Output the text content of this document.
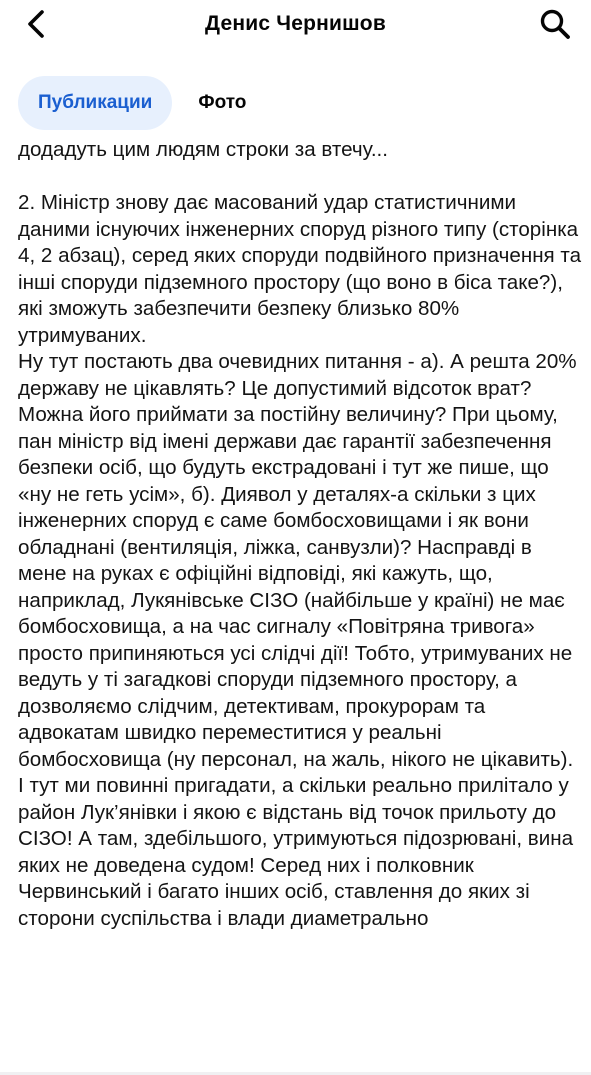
Денис Чернишов
Публикации	Фото
додадуть цим людям строки за втечу...

2. Міністр знову дає масований удар статистичними даними існуючих інженерних споруд різного типу (сторінка 4, 2 абзац), серед яких споруди подвійного призначення та інші споруди підземного простору (що воно в біса таке?), які зможуть забезпечити безпеку близько 80% утримуваних.
Ну тут постають два очевидних питання - а). А решта 20% державу не цікавлять? Це допустимий відсоток врат? Можна його приймати за постійну величину? При цьому, пан міністр від імені держави дає гарантії забезпечення безпеки осіб, що будуть екстрадовані і тут же пише, що «ну не геть усім», б). Диявол у деталях-а скільки з цих інженерних споруд є саме бомбосховищами і як вони обладнані (вентиляція, ліжка, санвузли)? Насправді в мене на руках є офіційні відповіді, які кажуть, що, наприклад, Лукянівське СІЗО (найбільше у країні) не має бомбосховища, а на час сигналу «Повітряна тривога» просто припиняються усі слідчі дії! Тобто, утримуваних не ведуть у ті загадкові споруди підземного простору, а дозволяємо слідчим, детективам, прокурорам та адвокатам швидко переместитися у реальні бомбосховища (ну персонал, на жаль, нікого не цікавить). І тут ми повинні пригадати, а скільки реально прилітало у район Лук’янівки і якою є відстань від точок прильоту до СІЗО! А там, здебільшого, утримуються підозрювані, вина яких не доведена судом! Серед них і полковник Червинський і багато інших осіб, ставлення до яких зі сторони суспільства і влади диаметрально
